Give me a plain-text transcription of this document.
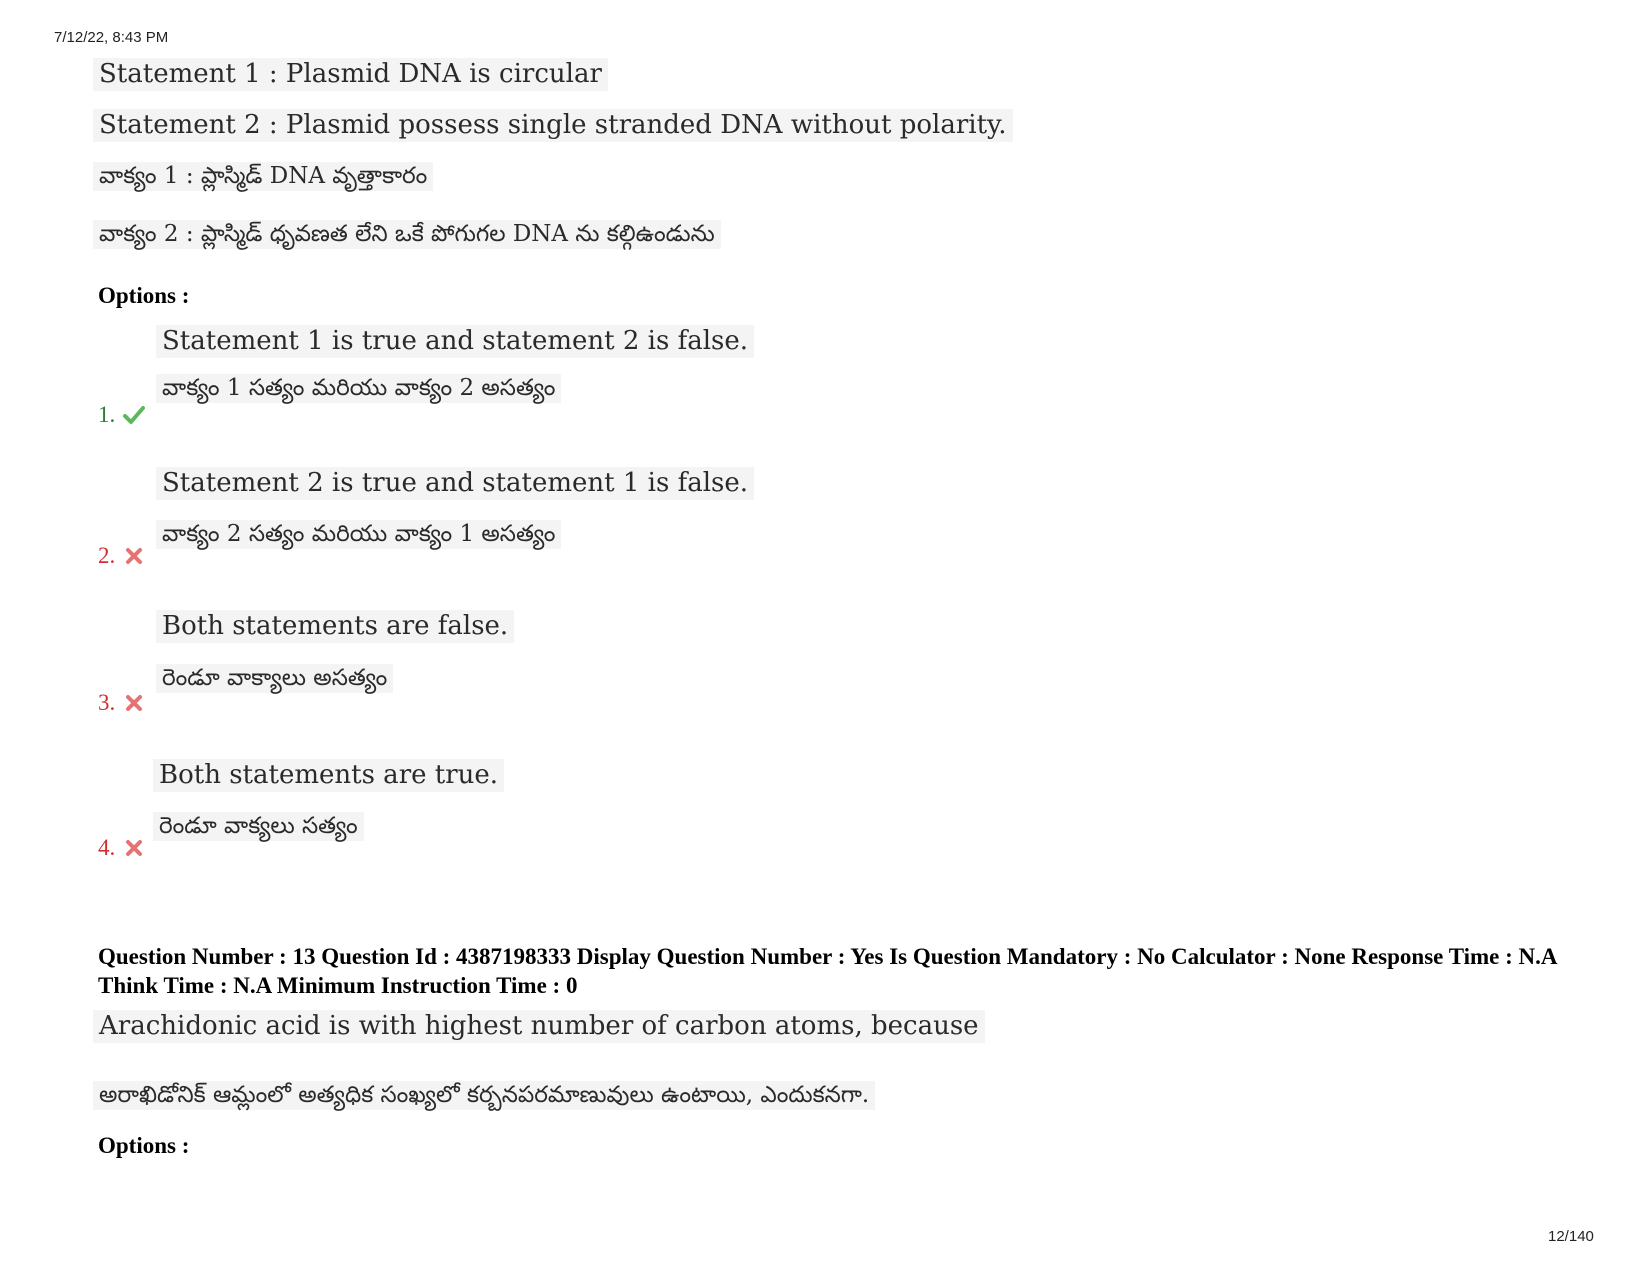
7/12/22, 8:43 PM
Statement 1 : Plasmid DNA is circular
Statement 2 : Plasmid possess single stranded DNA without polarity.
వాక్యం 1 : ప్లాస్మిడ్ DNA వృత్తాకారం
వాక్యం 2 : ప్లాస్మిడ్ ధృవణత లేని ఒకే పోగుగల DNA ను కల్గిఉండును
Options :
Statement 1 is true and statement 2 is false.
వాక్యం 1 సత్యం మరియు వాక్యం 2 అసత్యం
1.
Statement 2 is true and statement 1 is false.
వాక్యం 2 సత్యం మరియు వాక్యం 1 అసత్యం
2.
Both statements are false.
రెండూ వాక్యాలు అసత్యం
3.
Both statements are true.
రెండూ వాక్యలు సత్యం
4.
Question Number : 13 Question Id : 4387198333 Display Question Number : Yes Is Question Mandatory : No Calculator : None Response Time : N.A Think Time : N.A Minimum Instruction Time : 0
Arachidonic acid is with highest number of carbon atoms, because
అరాఖిడోనిక్ ఆమ్లంలో అత్యధిక సంఖ్యలో కర్బనపరమాణువులు ఉంటాయి, ఎందుకనగా.
Options :
12/140
